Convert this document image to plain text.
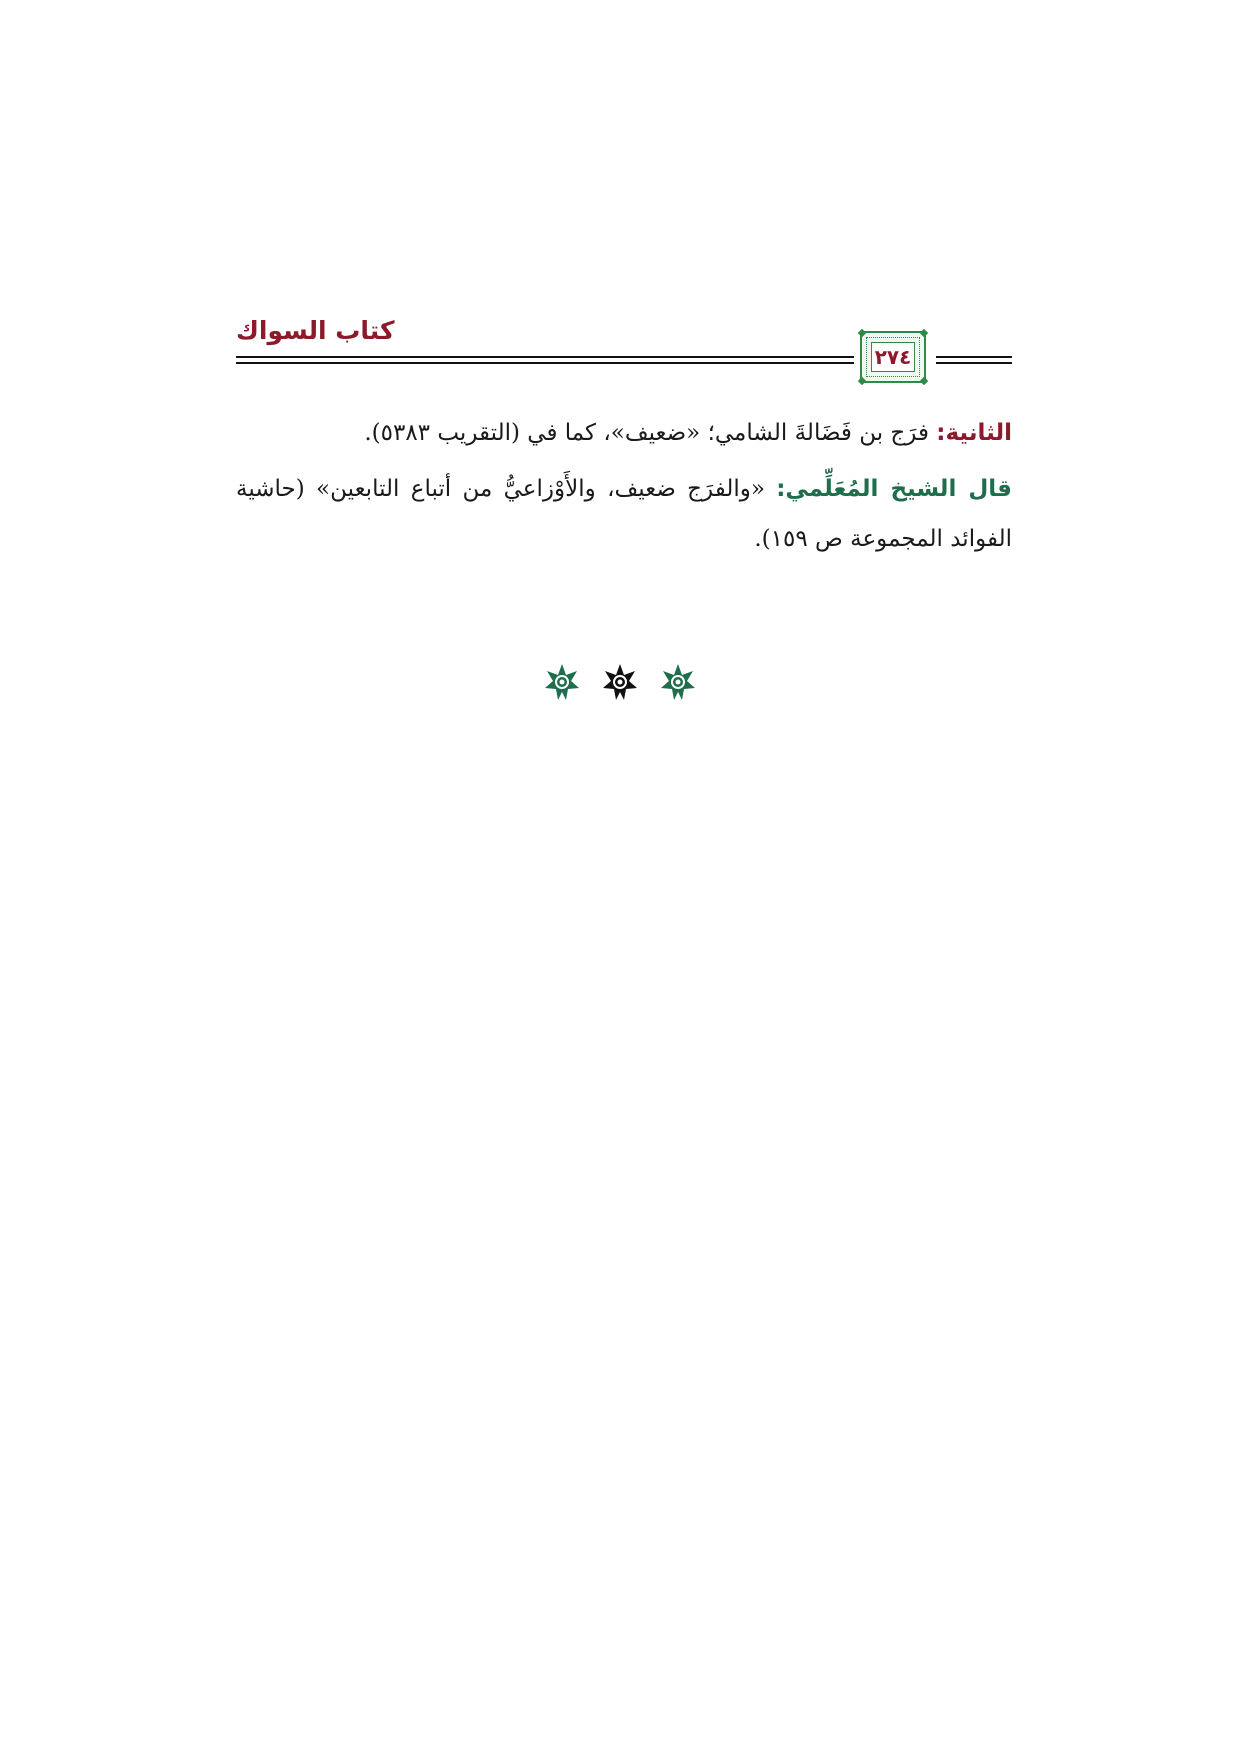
كتاب السواك
٢٧٤

الثانية: فرَج بن فَضَالةَ الشامي؛ «ضعيف»، كما في (التقريب ٥٣٨٣).

قال الشيخ المُعَلِّمي: «والفرَج ضعيف، والأَوْزاعيُّ من أتباع التابعين» (حاشية الفوائد المجموعة ص ١٥٩).
